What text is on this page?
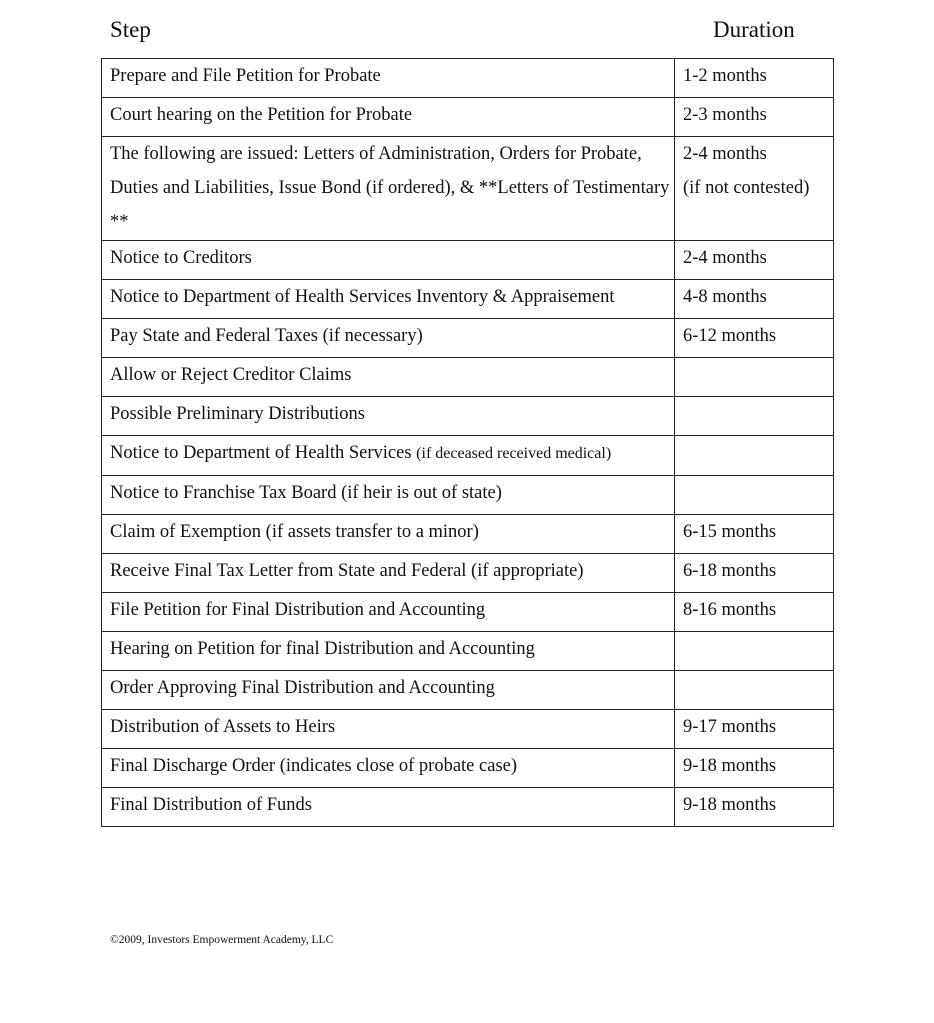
Step	Duration
Prepare and File Petition for Probate	1-2 months
Court hearing on the Petition for Probate	2-3 months
The following are issued: Letters of Administration, Orders for Probate, Duties and Liabilities, Issue Bond (if ordered), & **Letters of Testimentary **	2-4 months
(if not contested)
Notice to Creditors	2-4 months
Notice to Department of Health Services Inventory & Appraisement	4-8 months
Pay State and Federal Taxes (if necessary)	6-12 months
Allow or Reject Creditor Claims	
Possible Preliminary Distributions	
Notice to Department of Health Services (if deceased received medical)	
Notice to Franchise Tax Board (if heir is out of state)	
Claim of Exemption (if assets transfer to a minor)	6-15 months
Receive Final Tax Letter from State and Federal (if appropriate)	6-18 months
File Petition for Final Distribution and Accounting	8-16 months
Hearing on Petition for final Distribution and Accounting	
Order Approving Final Distribution and Accounting	
Distribution of Assets to Heirs	9-17 months
Final Discharge Order (indicates close of probate case)	9-18 months
Final Distribution of Funds	9-18 months
©2009, Investors Empowerment Academy, LLC
